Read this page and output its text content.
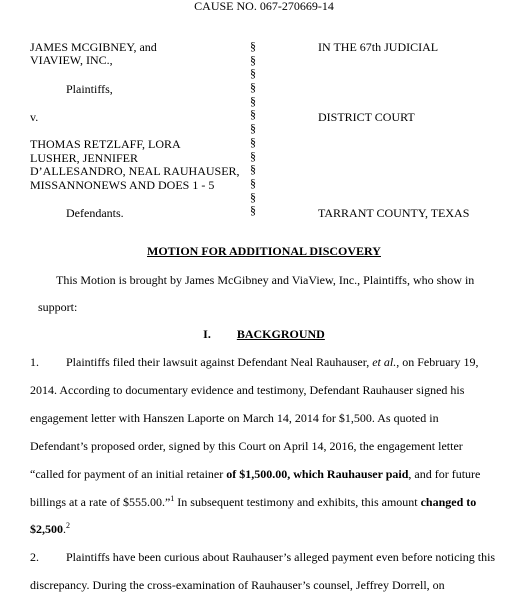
CAUSE NO. 067-270669-14
JAMES MCGIBNEY, and
VIAVIEW, INC.,
Plaintiffs,
v.
THOMAS RETZLAFF, LORA
LUSHER, JENNIFER
D’ALLESANDRO, NEAL RAUHAUSER,
MISSANNONEWS AND DOES 1 - 5
Defendants.
§
§
§
§
§
§
§
§
§
§
§
§
§
IN THE 67th JUDICIAL
DISTRICT COURT
TARRANT COUNTY, TEXAS
MOTION FOR ADDITIONAL DISCOVERY
This Motion is brought by James McGibney and ViaView, Inc., Plaintiffs, who show in
support:
I. BACKGROUND
1. Plaintiffs filed their lawsuit against Defendant Neal Rauhauser, et al., on February 19,
2014. According to documentary evidence and testimony, Defendant Rauhauser signed his
engagement letter with Hanszen Laporte on March 14, 2014 for $1,500. As quoted in
Defendant’s proposed order, signed by this Court on April 14, 2016, the engagement letter
“called for payment of an initial retainer of $1,500.00, which Rauhauser paid, and for future
billings at a rate of $555.00.”$^1$ In subsequent testimony and exhibits, this amount changed to
$2,500.$^2$
2. Plaintiffs have been curious about Rauhauser’s alleged payment even before noticing this
discrepancy. During the cross-examination of Rauhauser’s counsel, Jeffrey Dorrell, on
